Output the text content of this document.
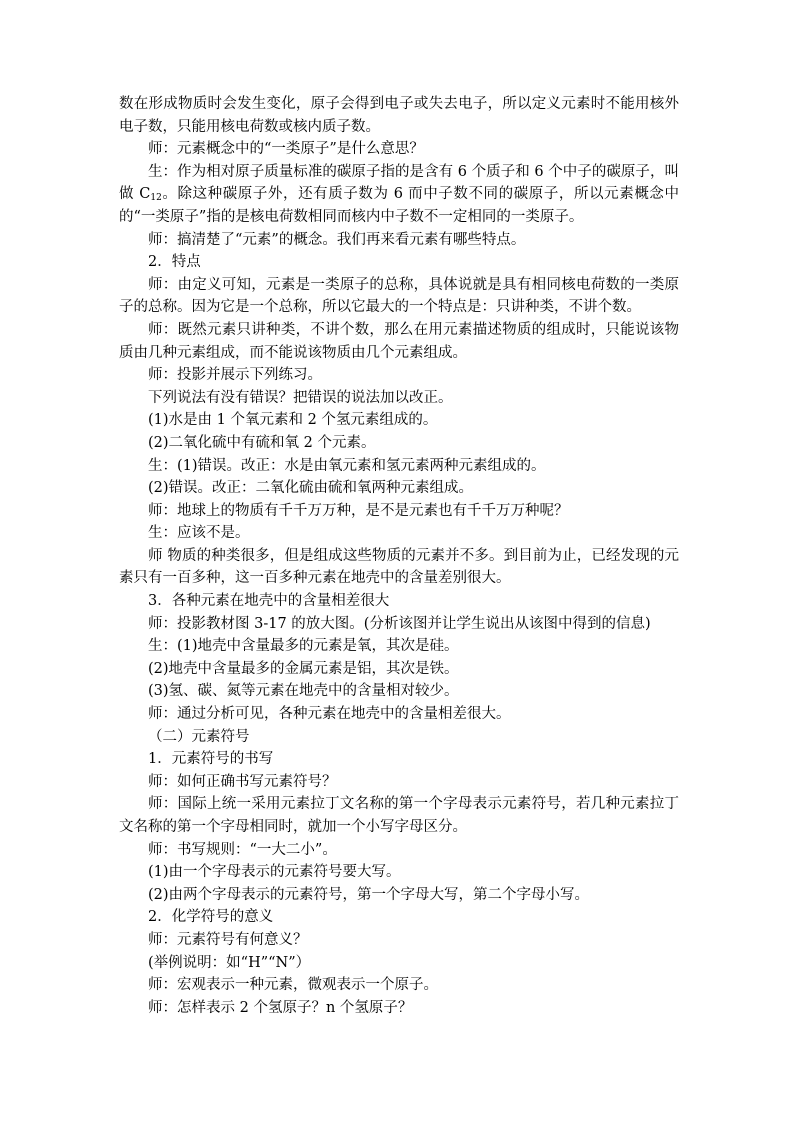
数在形成物质时会发生变化，原子会得到电子或失去电子，所以定义元素时不能用核外电子数，只能用核电荷数或核内质子数。

师：元素概念中的“一类原子”是什么意思？

生：作为相对原子质量标准的碳原子指的是含有 6 个质子和 6 个中子的碳原子，叫做 $C_{12}$。除这种碳原子外，还有质子数为 6 而中子数不同的碳原子，所以元素概念中的“一类原子”指的是核电荷数相同而核内中子数不一定相同的一类原子。

师：搞清楚了“元素”的概念。我们再来看元素有哪些特点。

2．特点

师：由定义可知，元素是一类原子的总称，具体说就是具有相同核电荷数的一类原子的总称。因为它是一个总称，所以它最大的一个特点是：只讲种类，不讲个数。

师：既然元素只讲种类，不讲个数，那么在用元素描述物质的组成时，只能说该物质由几种元素组成，而不能说该物质由几个元素组成。

师：投影并展示下列练习。

下列说法有没有错误？把错误的说法加以改正。

(1)水是由 1 个氧元素和 2 个氢元素组成的。

(2)二氧化硫中有硫和氧 2 个元素。

生：(1)错误。改正：水是由氧元素和氢元素两种元素组成的。

(2)错误。改正：二氧化硫由硫和氧两种元素组成。

师：地球上的物质有千千万万种，是不是元素也有千千万万种呢？

生：应该不是。

师 物质的种类很多，但是组成这些物质的元素并不多。到目前为止，已经发现的元素只有一百多种，这一百多种元素在地壳中的含量差别很大。

3．各种元素在地壳中的含量相差很大

师：投影教材图 3-17 的放大图。(分析该图并让学生说出从该图中得到的信息)

生：(1)地壳中含量最多的元素是氧，其次是硅。

(2)地壳中含量最多的金属元素是铝，其次是铁。

(3)氢、碳、氮等元素在地壳中的含量相对较少。

师：通过分析可见，各种元素在地壳中的含量相差很大。

（二）元素符号

1．元素符号的书写

师：如何正确书写元素符号？

师：国际上统一采用元素拉丁文名称的第一个字母表示元素符号，若几种元素拉丁文名称的第一个字母相同时，就加一个小写字母区分。

师：书写规则：“一大二小”。

(1)由一个字母表示的元素符号要大写。

(2)由两个字母表示的元素符号，第一个字母大写，第二个字母小写。

2．化学符号的意义

师：元素符号有何意义？

(举例说明：如“H”“N”）

师：宏观表示一种元素，微观表示一个原子。

师：怎样表示 2 个氢原子？n 个氢原子？
